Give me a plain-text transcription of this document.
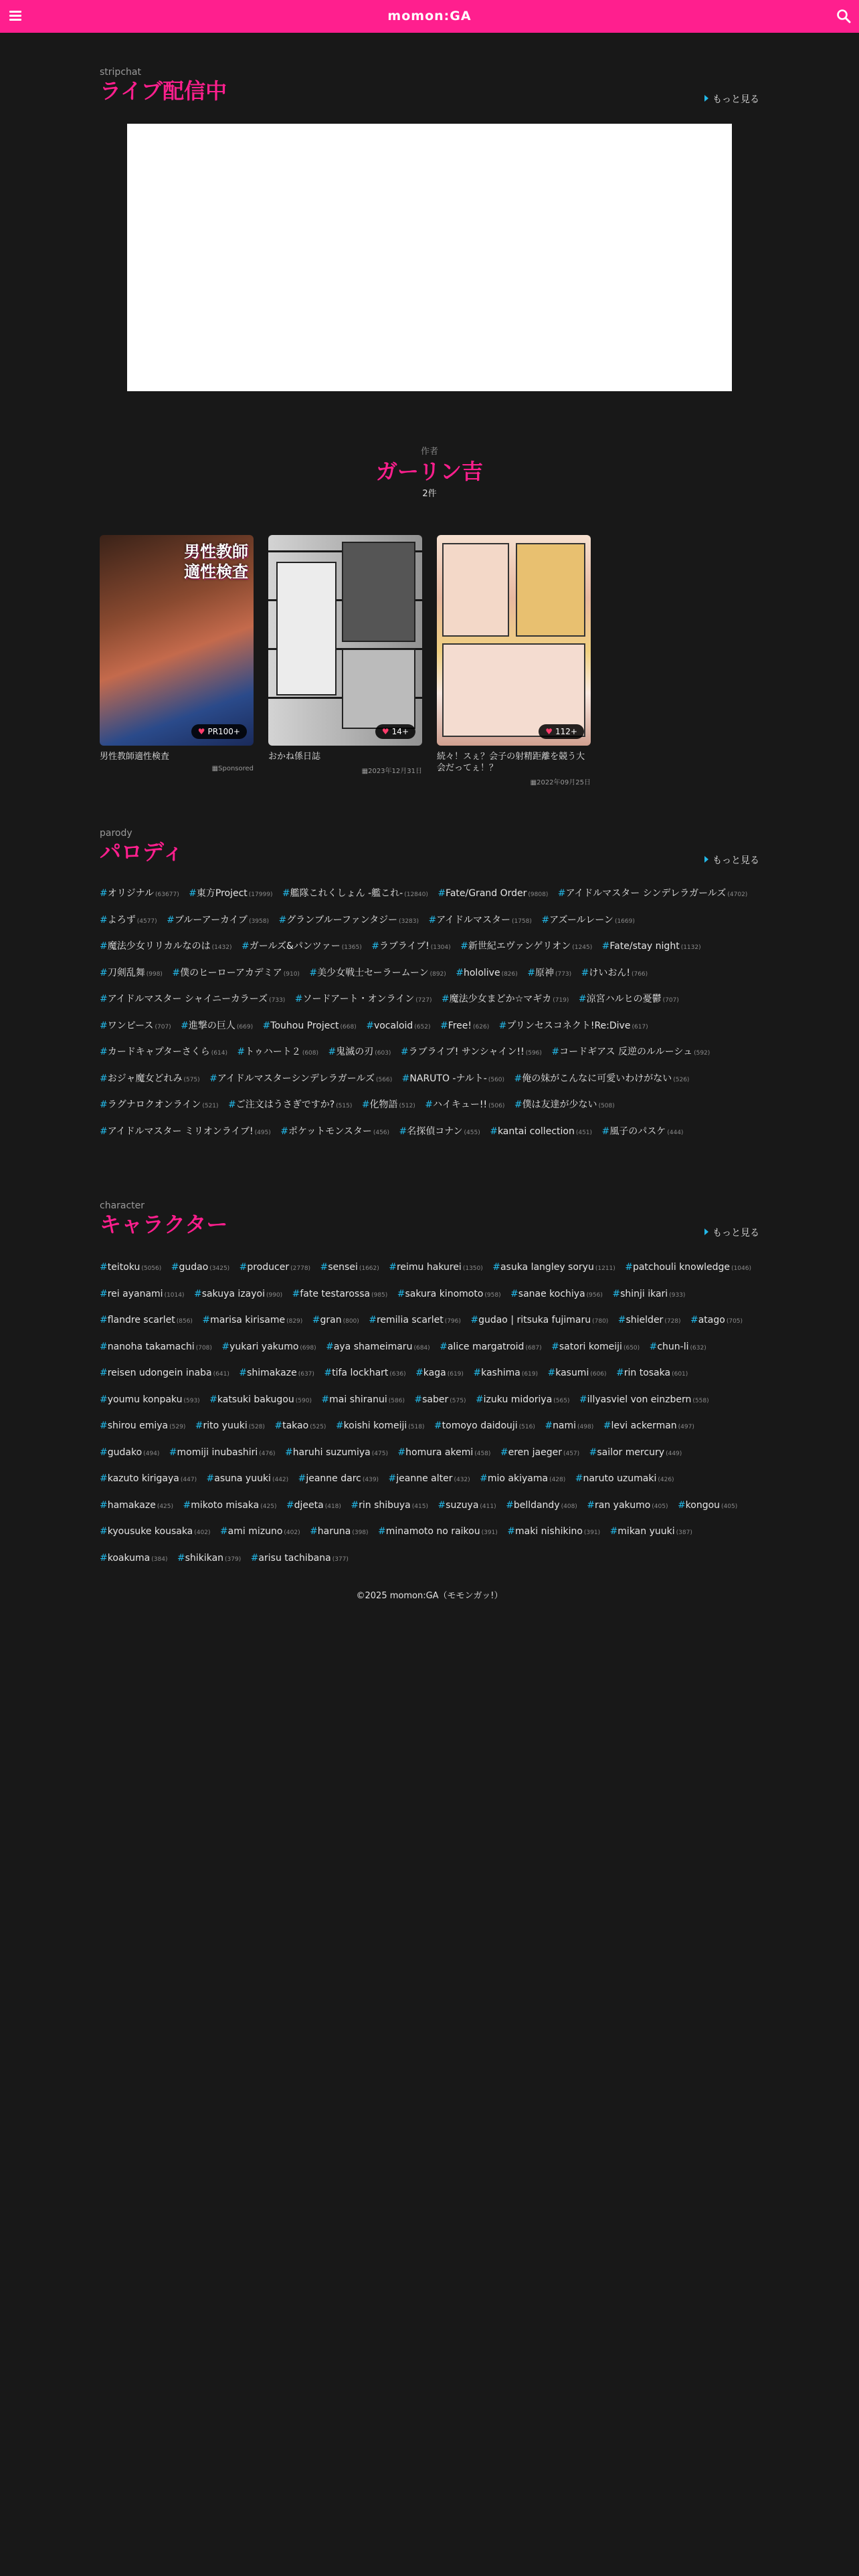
momon:GA
stripchat
ライブ配信中	もっと見る
作者
ガーリン吉
2件
男性教師
適性検査
♥ PR100+
男性教師適性検査
▦Sponsored
♥ 14+
おかね係日誌
▦2023年12月31日
♥ 112+
続々！スぇ？会子の射精距離を競う大会だってぇ！？
▦2022年09月25日
parody
パロディ	もっと見る
#オリジナル (63677) #東方Project (17999) #艦隊これくしょん -艦これ- (12840) #Fate/Grand Order (9808) #アイドルマスター シンデレラガールズ (4702) #よろず (4577) #ブルーアーカイブ (3958) #グランブルーファンタジー (3283) #アイドルマスター (1758) #アズールレーン (1669) #魔法少女リリカルなのは (1432) #ガールズ&パンツァー (1365) #ラブライブ! (1304) #新世紀エヴァンゲリオン (1245) #Fate/stay night (1132) #刀剣乱舞 (998) #僕のヒーローアカデミア (910) #美少女戦士セーラームーン (892) #hololive (826) #原神 (773) #けいおん! (766) #アイドルマスター シャイニーカラーズ (733) #ソードアート・オンライン (727) #魔法少女まどか☆マギカ (719) #涼宮ハルヒの憂鬱 (707) #ワンピース (707) #進撃の巨人 (669) #Touhou Project (668) #vocaloid (652) #Free! (626) #プリンセスコネクト!Re:Dive (617) #カードキャプターさくら (614) #トゥハート２ (608) #鬼滅の刃 (603) #ラブライブ! サンシャイン!! (596) #コードギアス 反逆のルルーシュ (592) #おジャ魔女どれみ (575) #アイドルマスターシンデレラガールズ (566) #NARUTO -ナルト- (560) #俺の妹がこんなに可愛いわけがない (526) #ラグナロクオンライン (521) #ご注文はうさぎですか? (515) #化物語 (512) #ハイキュー!! (506) #僕は友達が少ない (508) #アイドルマスター ミリオンライブ! (495) #ポケットモンスター (456) #名探偵コナン (455) #kantai collection (451) #風子のパスケ (444)
character
キャラクター	もっと見る
#teitoku (5056) #gudao (3425) #producer (2778) #sensei (1662) #reimu hakurei (1350) #asuka langley soryu (1211) #patchouli knowledge (1046) #rei ayanami (1014) #sakuya izayoi (990) #fate testarossa (985) #sakura kinomoto (958) #sanae kochiya (956) #shinji ikari (933) #flandre scarlet (856) #marisa kirisame (829) #gran (800) #remilia scarlet (796) #gudao | ritsuka fujimaru (780) #shielder (728) #atago (705) #nanoha takamachi (708) #yukari yakumo (698) #aya shameimaru (684) #alice margatroid (687) #satori komeiji (650) #chun-li (632) #reisen udongein inaba (641) #shimakaze (637) #tifa lockhart (636) #kaga (619) #kashima (619) #kasumi (606) #rin tosaka (601) #youmu konpaku (593) #katsuki bakugou (590) #mai shiranui (586) #saber (575) #izuku midoriya (565) #illyasviel von einzbern (558) #shirou emiya (529) #rito yuuki (528) #takao (525) #koishi komeiji (518) #tomoyo daidouji (516) #nami (498) #levi ackerman (497) #gudako (494) #momiji inubashiri (476) #haruhi suzumiya (475) #homura akemi (458) #eren jaeger (457) #sailor mercury (449) #kazuto kirigaya (447) #asuna yuuki (442) #jeanne darc (439) #jeanne alter (432) #mio akiyama (428) #naruto uzumaki (426) #hamakaze (425) #mikoto misaka (425) #djeeta (418) #rin shibuya (415) #suzuya (411) #belldandy (408) #ran yakumo (405) #kongou (405) #kyousuke kousaka (402) #ami mizuno (402) #haruna (398) #minamoto no raikou (391) #maki nishikino (391) #mikan yuuki (387) #koakuma (384) #shikikan (379) #arisu tachibana (377)
©2025 momon:GA（モモンガッ!）
